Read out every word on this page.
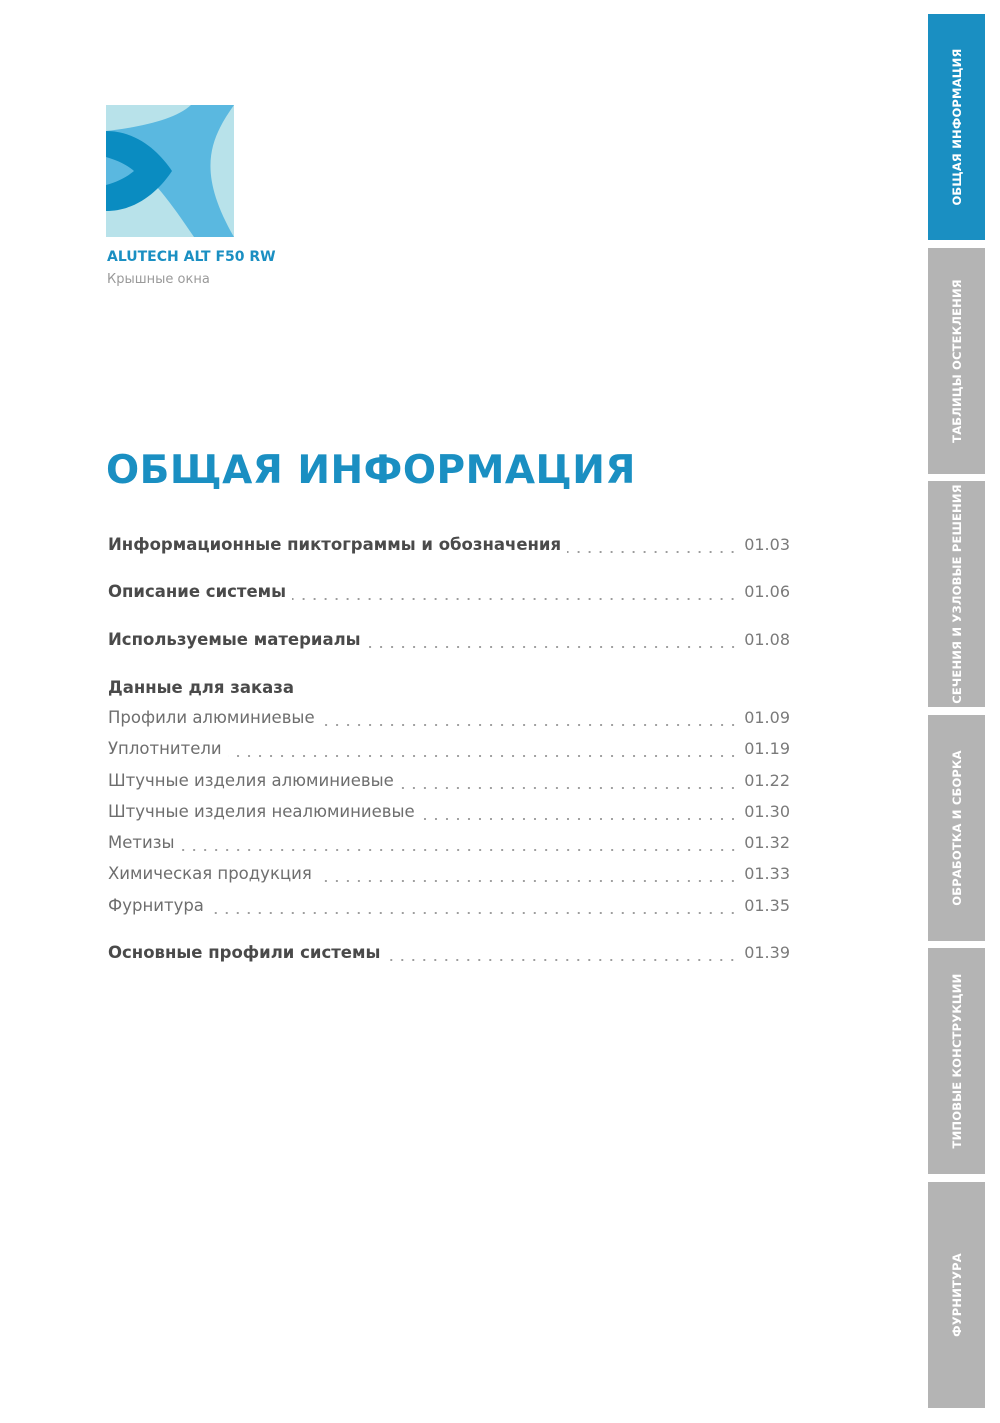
ALUTECH ALT F50 RW
Крышные окна
ОБЩАЯ ИНФОРМАЦИЯ
Информационные пиктограммы и обозначения	01.03
Описание системы	01.06
Используемые материалы	01.08
Данные для заказа
Профили алюминиевые	01.09
Уплотнители	01.19
Штучные изделия алюминиевые	01.22
Штучные изделия неалюминиевые	01.30
Метизы	01.32
Химическая продукция	01.33
Фурнитура	01.35
Основные профили системы	01.39
ОБЩАЯ ИНФОРМАЦИЯ
ТАБЛИЦЫ ОСТЕКЛЕНИЯ
СЕЧЕНИЯ И УЗЛОВЫЕ РЕШЕНИЯ
ОБРАБОТКА И СБОРКА
ТИПОВЫЕ КОНСТРУКЦИИ
ФУРНИТУРА
